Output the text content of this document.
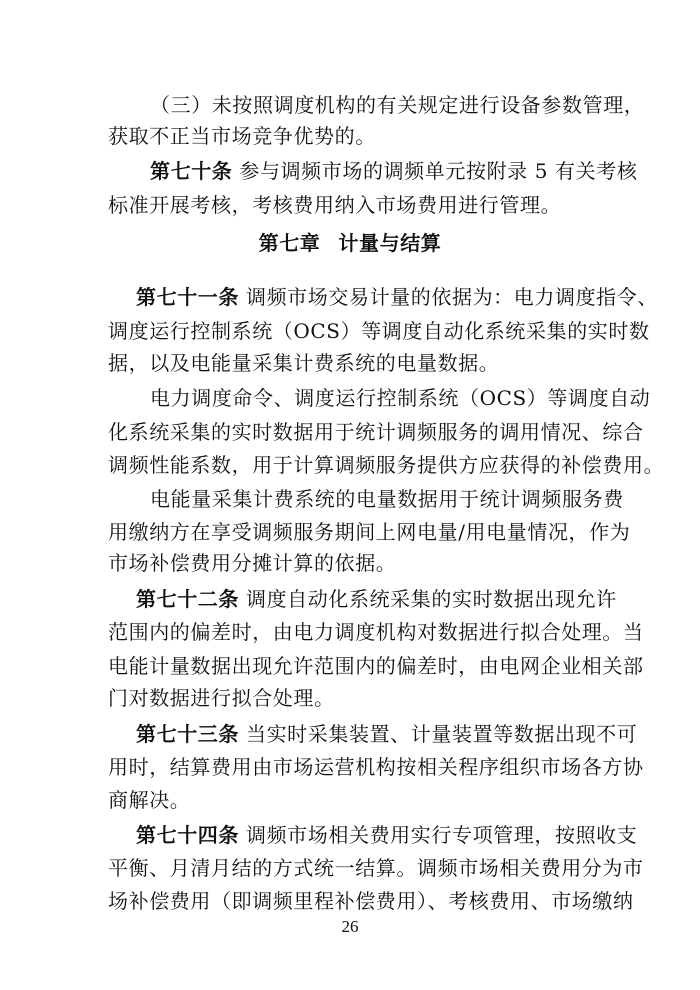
（三）未按照调度机构的有关规定进行设备参数管理，
获取不正当市场竞争优势的。
第七十条 参与调频市场的调频单元按附录 5 有关考核
标准开展考核，考核费用纳入市场费用进行管理。
第七章 计量与结算
第七十一条 调频市场交易计量的依据为：电力调度指令、
调度运行控制系统（OCS）等调度自动化系统采集的实时数
据，以及电能量采集计费系统的电量数据。
电力调度命令、调度运行控制系统（OCS）等调度自动
化系统采集的实时数据用于统计调频服务的调用情况、综合
调频性能系数，用于计算调频服务提供方应获得的补偿费用。
电能量采集计费系统的电量数据用于统计调频服务费
用缴纳方在享受调频服务期间上网电量/用电量情况，作为
市场补偿费用分摊计算的依据。
第七十二条 调度自动化系统采集的实时数据出现允许
范围内的偏差时，由电力调度机构对数据进行拟合处理。当
电能计量数据出现允许范围内的偏差时，由电网企业相关部
门对数据进行拟合处理。
第七十三条 当实时采集装置、计量装置等数据出现不可
用时，结算费用由市场运营机构按相关程序组织市场各方协
商解决。
第七十四条 调频市场相关费用实行专项管理，按照收支
平衡、月清月结的方式统一结算。调频市场相关费用分为市
场补偿费用（即调频里程补偿费用）、考核费用、市场缴纳
26
